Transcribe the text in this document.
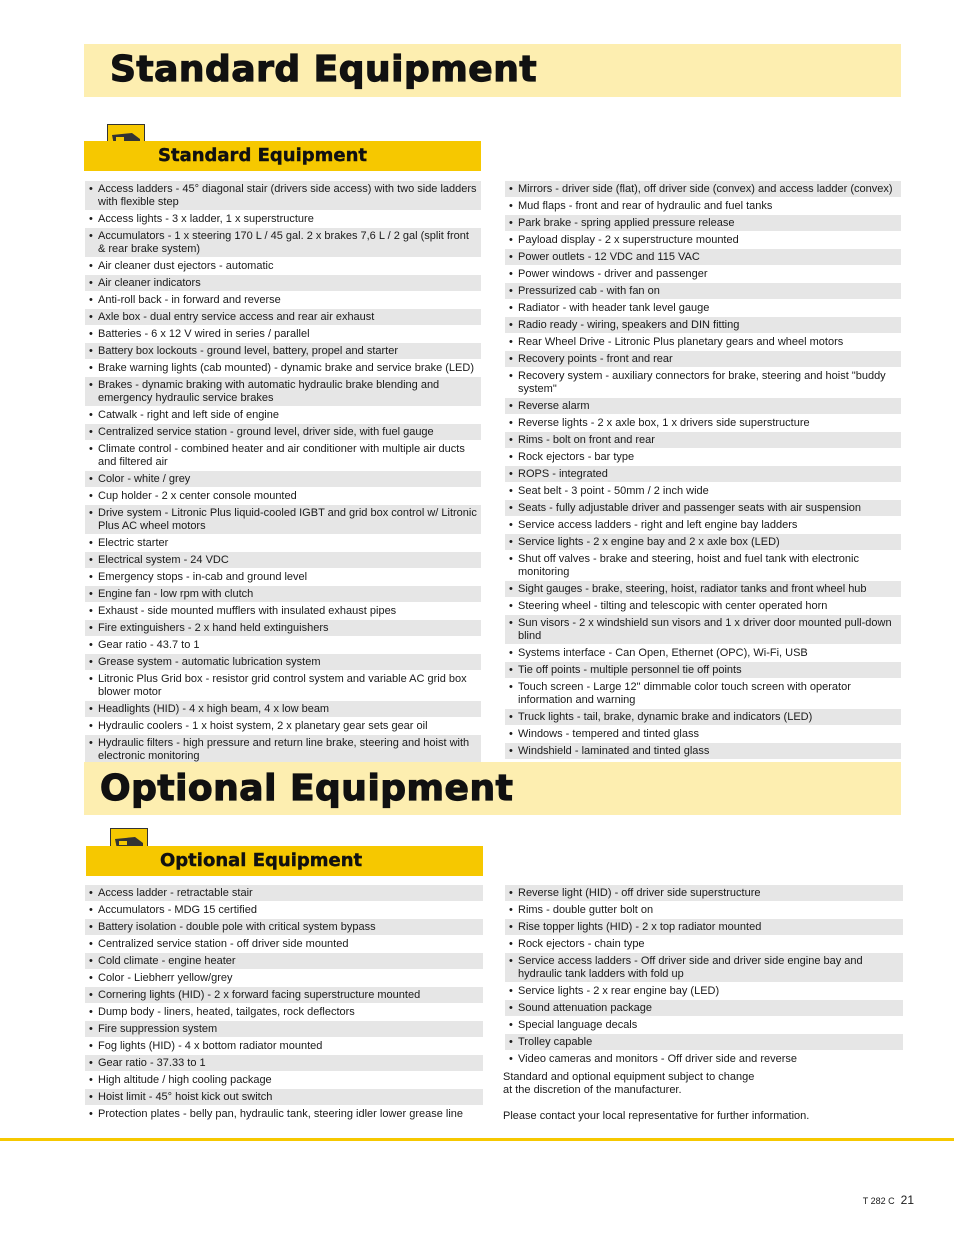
Standard Equipment
Standard Equipment
• Access ladders - 45° diagonal stair (drivers side access) with two side ladders with flexible step
• Access lights - 3 x ladder, 1 x superstructure
• Accumulators - 1 x steering 170 L / 45 gal. 2 x brakes 7,6 L / 2 gal (split front & rear brake system)
• Air cleaner dust ejectors - automatic
• Air cleaner indicators
• Anti-roll back - in forward and reverse
• Axle box - dual entry service access and rear air exhaust
• Batteries - 6 x 12 V wired in series / parallel
• Battery box lockouts - ground level, battery, propel and starter
• Brake warning lights (cab mounted) - dynamic brake and service brake (LED)
• Brakes - dynamic braking with automatic hydraulic brake blending and emergency hydraulic service brakes
• Catwalk - right and left side of engine
• Centralized service station - ground level, driver side, with fuel gauge
• Climate control - combined heater and air conditioner with multiple air ducts and filtered air
• Color - white / grey
• Cup holder - 2 x center console mounted
• Drive system - Litronic Plus liquid-cooled IGBT and grid box control w/ Litronic Plus AC wheel motors
• Electric starter
• Electrical system - 24 VDC
• Emergency stops - in-cab and ground level
• Engine fan - low rpm with clutch
• Exhaust - side mounted mufflers with insulated exhaust pipes
• Fire extinguishers - 2 x hand held extinguishers
• Gear ratio - 43.7 to 1
• Grease system - automatic lubrication system
• Litronic Plus Grid box - resistor grid control system and variable AC grid box blower motor
• Headlights (HID) - 4 x high beam, 4 x low beam
• Hydraulic coolers - 1 x hoist system, 2 x planetary gear sets gear oil
• Hydraulic filters - high pressure and return line brake, steering and hoist with electronic monitoring
• Mirrors - driver side (flat), off driver side (convex) and access ladder (convex)
• Mud flaps - front and rear of hydraulic and fuel tanks
• Park brake - spring applied pressure release
• Payload display - 2 x superstructure mounted
• Power outlets - 12 VDC and 115 VAC
• Power windows - driver and passenger
• Pressurized cab - with fan on
• Radiator - with header tank level gauge
• Radio ready - wiring, speakers and DIN fitting
• Rear Wheel Drive - Litronic Plus planetary gears and wheel motors
• Recovery points - front and rear
• Recovery system - auxiliary connectors for brake, steering and hoist "buddy system"
• Reverse alarm
• Reverse lights - 2 x axle box, 1 x drivers side superstructure
• Rims - bolt on front and rear
• Rock ejectors - bar type
• ROPS - integrated
• Seat belt - 3 point - 50mm / 2 inch wide
• Seats - fully adjustable driver and passenger seats with air suspension
• Service access ladders - right and left engine bay ladders
• Service lights - 2 x engine bay and 2 x axle box (LED)
• Shut off valves - brake and steering, hoist and fuel tank with electronic monitoring
• Sight gauges - brake, steering, hoist, radiator tanks and front wheel hub
• Steering wheel - tilting and telescopic with center operated horn
• Sun visors - 2 x windshield sun visors and 1 x driver door mounted pull-down blind
• Systems interface - Can Open, Ethernet (OPC), Wi-Fi, USB
• Tie off points - multiple personnel tie off points
• Touch screen - Large 12" dimmable color touch screen with operator information and warning
• Truck lights - tail, brake, dynamic brake and indicators (LED)
• Windows - tempered and tinted glass
• Windshield - laminated and tinted glass
•
Optional Equipment
Optional Equipment
• Access ladder - retractable stair
• Accumulators - MDG 15 certified
• Battery isolation - double pole with critical system bypass
• Centralized service station - off driver side mounted
• Cold climate - engine heater
• Color - Liebherr yellow/grey
• Cornering lights (HID) - 2 x forward facing superstructure mounted
• Dump body - liners, heated, tailgates, rock deflectors
• Fire suppression system
• Fog lights (HID) - 4 x bottom radiator mounted
• Gear ratio - 37.33 to 1
• High altitude / high cooling package
• Hoist limit - 45° hoist kick out switch
• Protection plates - belly pan, hydraulic tank, steering idler lower grease line
• Reverse light (HID) - off driver side superstructure
• Rims - double gutter bolt on
• Rise topper lights (HID) - 2 x top radiator mounted
• Rock ejectors - chain type
• Service access ladders - Off driver side and driver side engine bay and hydraulic tank ladders with fold up
• Service lights - 2 x rear engine bay (LED)
• Sound attenuation package
• Special language decals
• Trolley capable
• Video cameras and monitors - Off driver side and reverse
Standard and optional equipment subject to change
at the discretion of the manufacturer.
Please contact your local representative for further information.
T 282 C 21
